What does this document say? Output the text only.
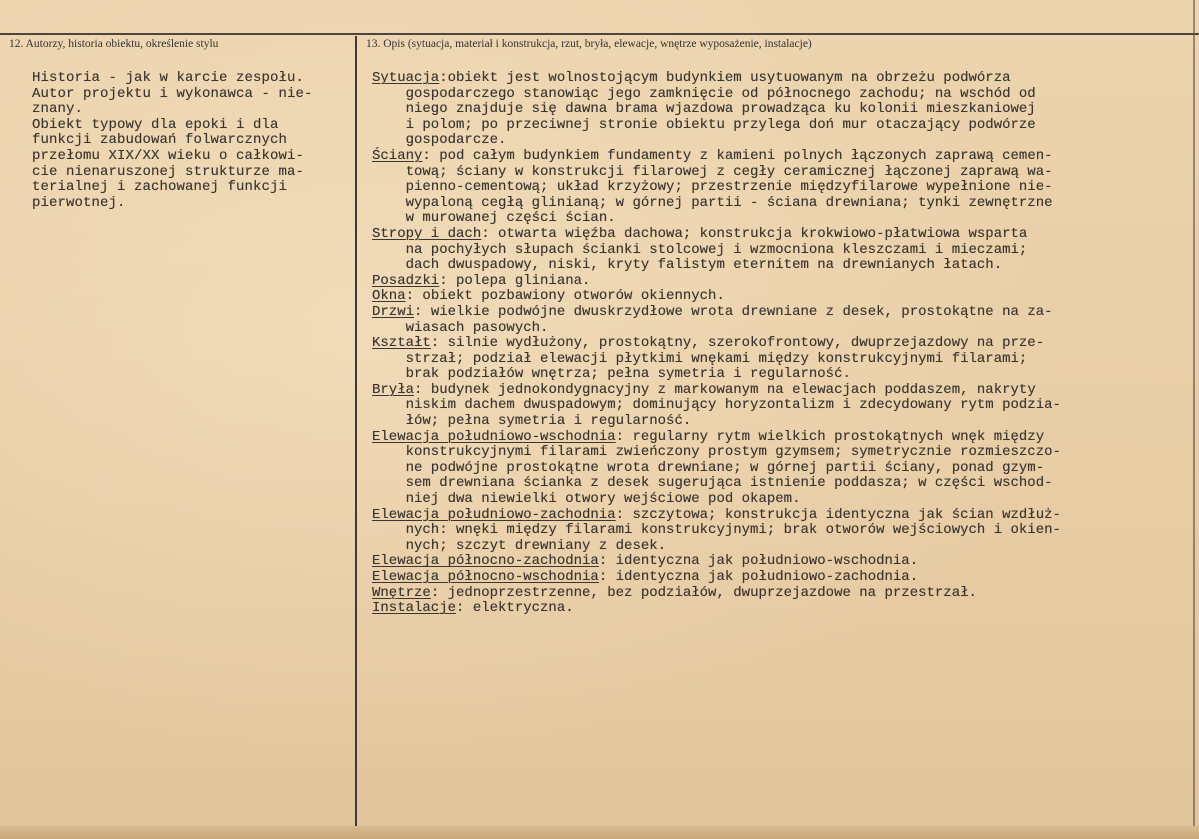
12. Autorzy, historia obiektu, określenie stylu	13. Opis (sytuacja, materiał i konstrukcja, rzut, bryła, elewacje, wnętrze wyposażenie, instalacje)
Historia - jak w karcie zespołu.
Autor projektu i wykonawca - nie-
znany.
Obiekt typowy dla epoki i dla
funkcji zabudowań folwarcznych
przełomu XIX/XX wieku o całkowi-
cie nienaruszonej strukturze ma-
terialnej i zachowanej funkcji
pierwotnej.
Sytuacja:obiekt jest wolnostojącym budynkiem usytuowanym na obrzeżu podwórza
gospodarczego stanowiąc jego zamknięcie od północnego zachodu; na wschód od
niego znajduje się dawna brama wjazdowa prowadząca ku kolonii mieszkaniowej
i polom; po przeciwnej stronie obiektu przylega doń mur otaczający podwórze
gospodarcze.
Ściany: pod całym budynkiem fundamenty z kamieni polnych łączonych zaprawą cemen-
tową; ściany w konstrukcji filarowej z cegły ceramicznej łączonej zaprawą wa-
pienno-cementową; układ krzyżowy; przestrzenie międzyfilarowe wypełnione nie-
wypaloną cegłą glinianą; w górnej partii - ściana drewniana; tynki zewnętrzne
w murowanej części ścian.
Stropy i dach: otwarta więźba dachowa; konstrukcja krokwiowo-płatwiowa wsparta
na pochyłych słupach ścianki stolcowej i wzmocniona kleszczami i mieczami;
dach dwuspadowy, niski, kryty falistym eternitem na drewnianych łatach.
Posadzki: polepa gliniana.
Okna: obiekt pozbawiony otworów okiennych.
Drzwi: wielkie podwójne dwuskrzydłowe wrota drewniane z desek, prostokątne na za-
wiasach pasowych.
Kształt: silnie wydłużony, prostokątny, szerokofrontowy, dwuprzejazdowy na prze-
strzał; podział elewacji płytkimi wnękami między konstrukcyjnymi filarami;
brak podziałów wnętrza; pełna symetria i regularność.
Bryła: budynek jednokondygnacyjny z markowanym na elewacjach poddaszem, nakryty
niskim dachem dwuspadowym; dominujący horyzontalizm i zdecydowany rytm podzia-
łów; pełna symetria i regularność.
Elewacja południowo-wschodnia: regularny rytm wielkich prostokątnych wnęk między
konstrukcyjnymi filarami zwieńczony prostym gzymsem; symetrycznie rozmieszczo-
ne podwójne prostokątne wrota drewniane; w górnej partii ściany, ponad gzym-
sem drewniana ścianka z desek sugerująca istnienie poddasza; w części wschod-
niej dwa niewielki otwory wejściowe pod okapem.
Elewacja południowo-zachodnia: szczytowa; konstrukcja identyczna jak ścian wzdłuż-
nych: wnęki między filarami konstrukcyjnymi; brak otworów wejściowych i okien-
nych; szczyt drewniany z desek.
Elewacja północno-zachodnia: identyczna jak południowo-wschodnia.
Elewacja północno-wschodnia: identyczna jak południowo-zachodnia.
Wnętrze: jednoprzestrzenne, bez podziałów, dwuprzejazdowe na przestrzał.
Instalacje: elektryczna.
